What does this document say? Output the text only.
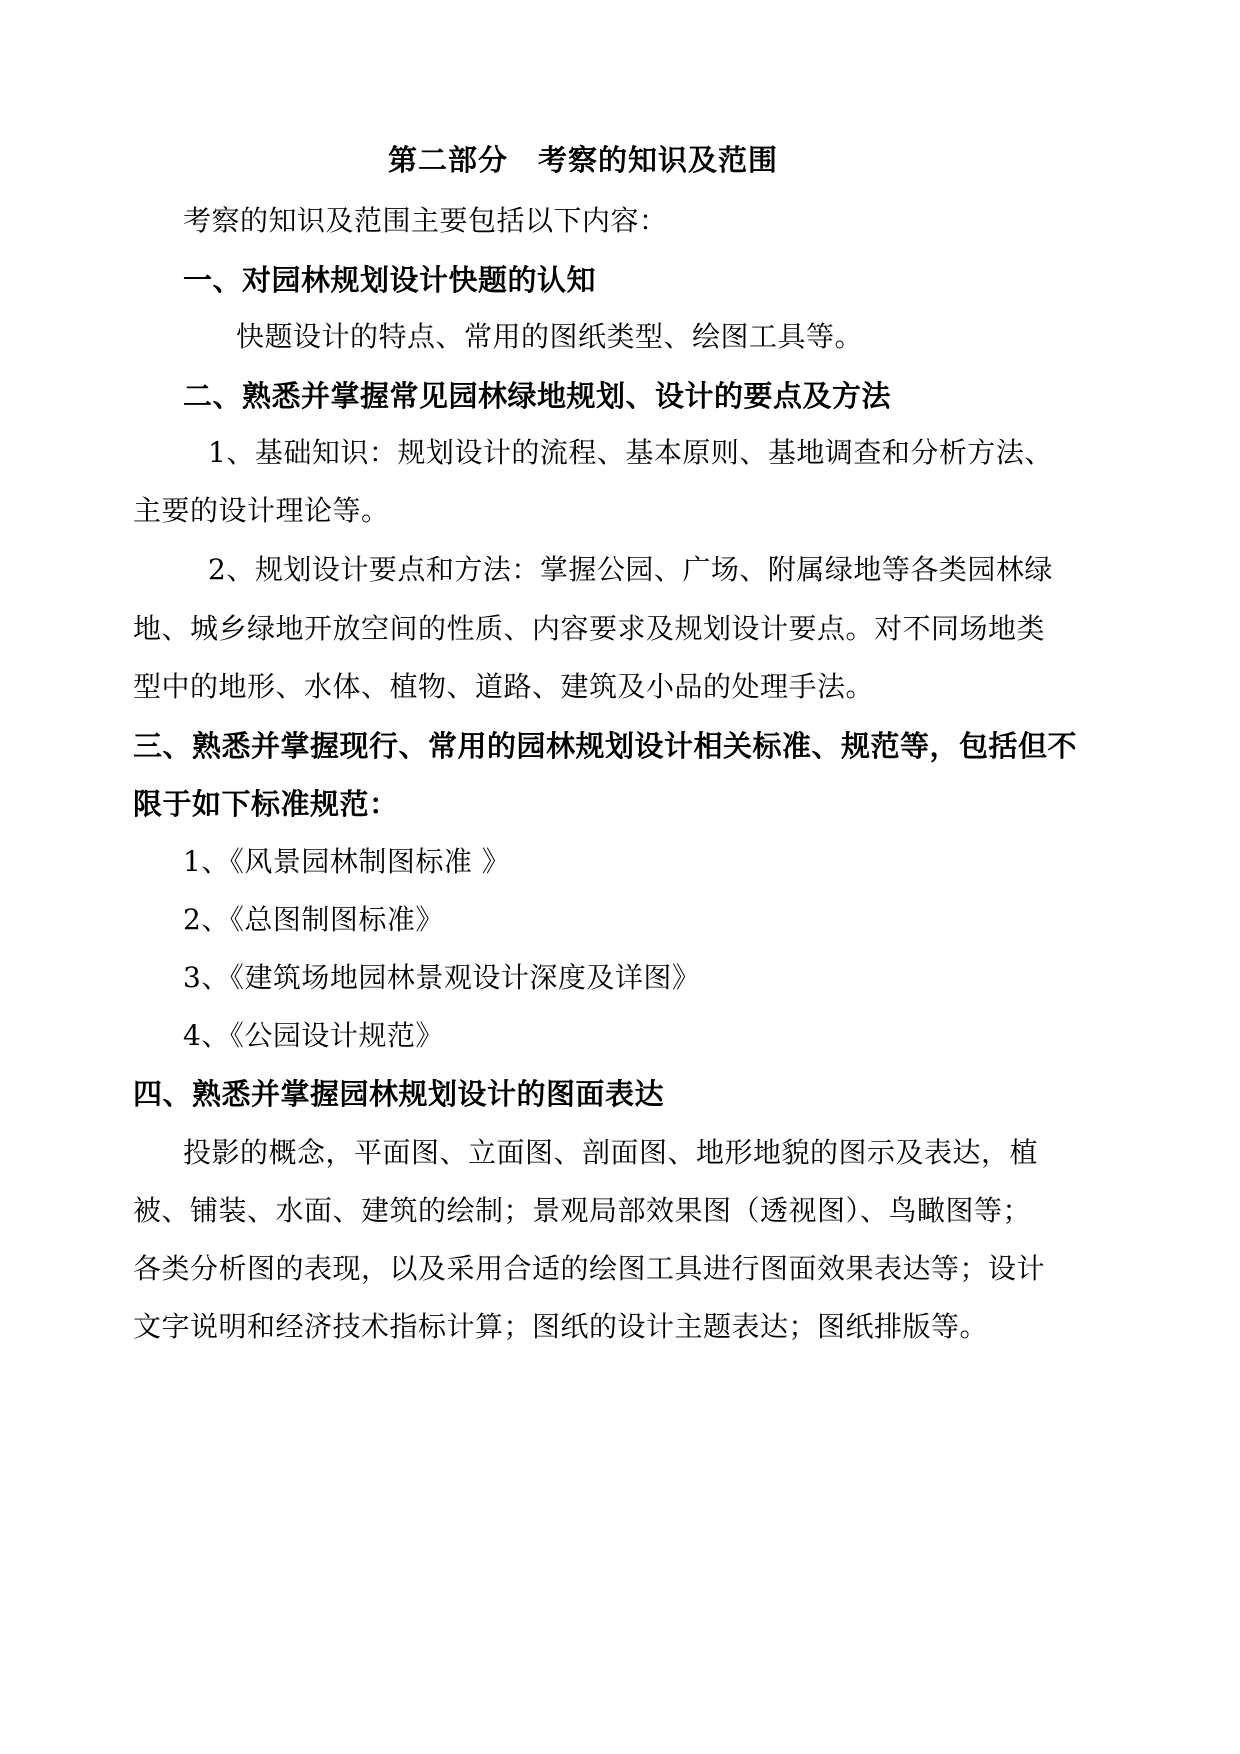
第二部分 考察的知识及范围
考察的知识及范围主要包括以下内容：
一、对园林规划设计快题的认知
快题设计的特点、常用的图纸类型、绘图工具等。
二、熟悉并掌握常见园林绿地规划、设计的要点及方法
1、基础知识：规划设计的流程、基本原则、基地调查和分析方法、
主要的设计理论等。
2、规划设计要点和方法：掌握公园、广场、附属绿地等各类园林绿
地、城乡绿地开放空间的性质、内容要求及规划设计要点。对不同场地类
型中的地形、水体、植物、道路、建筑及小品的处理手法。
三、熟悉并掌握现行、常用的园林规划设计相关标准、规范等，包括但不
限于如下标准规范：
1、《风景园林制图标准 》
2、《总图制图标准》
3、《建筑场地园林景观设计深度及详图》
4、《公园设计规范》
四、熟悉并掌握园林规划设计的图面表达
投影的概念，平面图、立面图、剖面图、地形地貌的图示及表达，植
被、铺装、水面、建筑的绘制；景观局部效果图（透视图）、鸟瞰图等；
各类分析图的表现，以及采用合适的绘图工具进行图面效果表达等；设计
文字说明和经济技术指标计算；图纸的设计主题表达；图纸排版等。
